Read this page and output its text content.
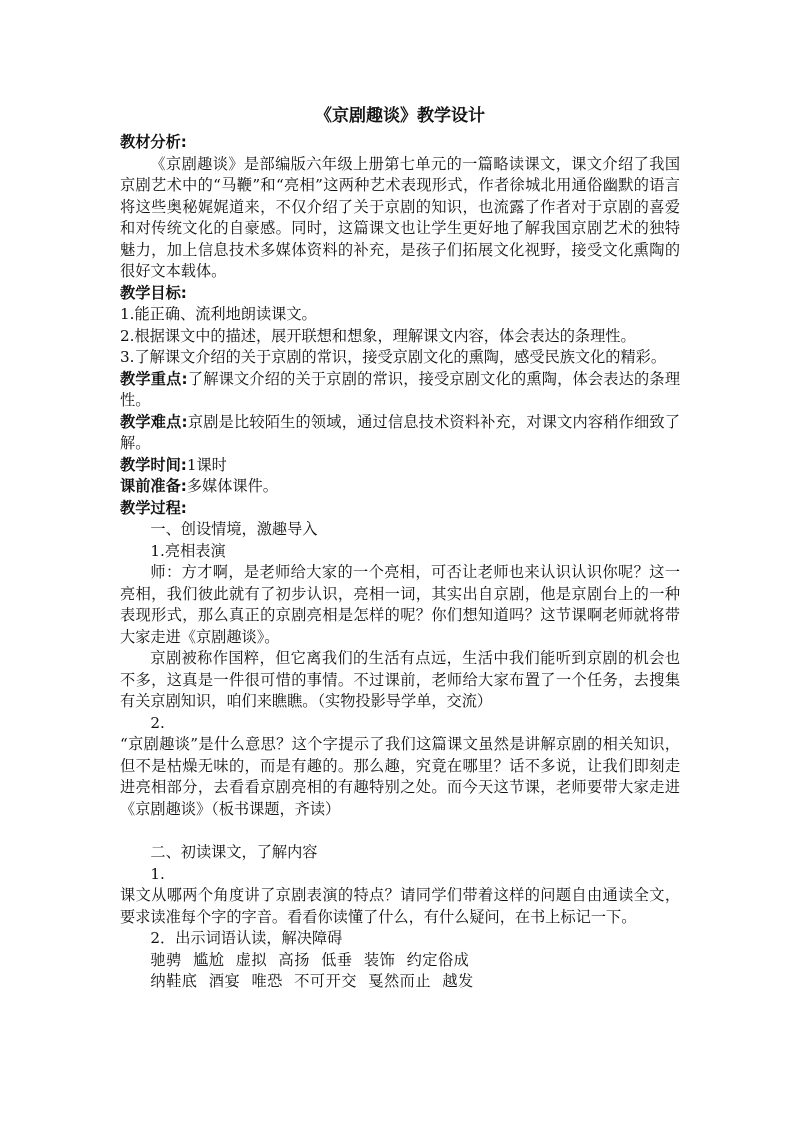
《京剧趣谈》教学设计
教材分析:

《京剧趣谈》是部编版六年级上册第七单元的一篇略读课文，课文介绍了我国京剧艺术中的“马鞭”和“亮相”这两种艺术表现形式，作者徐城北用通俗幽默的语言将这些奥秘娓娓道来，不仅介绍了关于京剧的知识，也流露了作者对于京剧的喜爱和对传统文化的自豪感。同时，这篇课文也让学生更好地了解我国京剧艺术的独特魅力，加上信息技术多媒体资料的补充，是孩子们拓展文化视野，接受文化熏陶的很好文本载体。

教学目标:

1.能正确、流利地朗读课文。

2.根据课文中的描述，展开联想和想象，理解课文内容，体会表达的条理性。

3.了解课文介绍的关于京剧的常识，接受京剧文化的熏陶，感受民族文化的精彩。

教学重点:了解课文介绍的关于京剧的常识，接受京剧文化的熏陶，体会表达的条理性。

教学难点:京剧是比较陌生的领域，通过信息技术资料补充，对课文内容稍作细致了解。

教学时间:1课时

课前准备:多媒体课件。

教学过程:

一、创设情境，激趣导入

1.亮相表演

师：方才啊，是老师给大家的一个亮相，可否让老师也来认识认识你呢？这一亮相，我们彼此就有了初步认识，亮相一词，其实出自京剧，他是京剧台上的一种表现形式，那么真正的京剧亮相是怎样的呢？你们想知道吗？这节课啊老师就将带大家走进《京剧趣谈》。

京剧被称作国粹，但它离我们的生活有点远，生活中我们能听到京剧的机会也不多，这真是一件很可惜的事情。不过课前，老师给大家布置了一个任务，去搜集有关京剧知识，咱们来瞧瞧。（实物投影导学单，交流）

2.

“京剧趣谈”是什么意思？这个字提示了我们这篇课文虽然是讲解京剧的相关知识，但不是枯燥无味的，而是有趣的。那么趣，究竟在哪里？话不多说，让我们即刻走进亮相部分，去看看京剧亮相的有趣特别之处。而今天这节课，老师要带大家走进《京剧趣谈》（板书课题，齐读）

二、初读课文，了解内容

1.

课文从哪两个角度讲了京剧表演的特点？请同学们带着这样的问题自由通读全文，要求读准每个字的字音。看看你读懂了什么，有什么疑问，在书上标记一下。

2．出示词语认读，解决障碍

驰骋 尴尬 虚拟 高扬 低垂 装饰 约定俗成

纳鞋底 酒宴 唯恐 不可开交 戛然而止 越发
